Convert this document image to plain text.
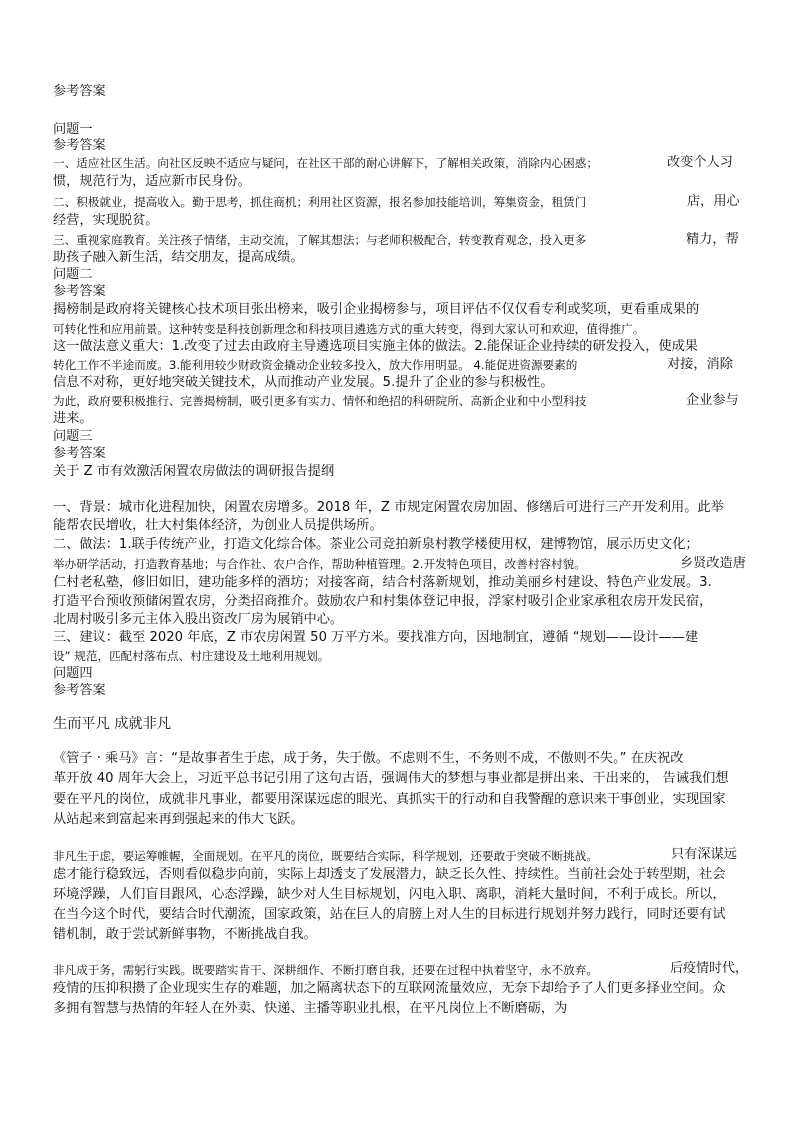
参考答案
问题一
参考答案
一、适应社区生活。向社区反映不适应与疑问，在社区干部的耐心讲解下，了解相关政策，消除内心困惑；	改变个人习
惯，规范行为，适应新市民身份。
二、积极就业，提高收入。勤于思考，抓住商机；利用社区资源，报名参加技能培训，筹集资金，租赁门	店，用心
经营，实现脱贫。
三、重视家庭教育。关注孩子情绪，主动交流，了解其想法；与老师积极配合，转变教育观念，投入更多	精力，帮
助孩子融入新生活，结交朋友，提高成绩。
问题二
参考答案
揭榜制是政府将关键核心技术项目张出榜来，吸引企业揭榜参与，项目评估不仅仅看专利或奖项，更看重成果的
可转化性和应用前景。这种转变是科技创新理念和科技项目遴选方式的重大转变，得到大家认可和欢迎，值得推广。
这一做法意义重大：1.改变了过去由政府主导遴选项目实施主体的做法。2.能保证企业持续的研发投入，使成果
转化工作不半途而废。3.能利用较少财政资金撬动企业较多投入，放大作用明显。 4.能促进资源要素的	对接，消除
信息不对称，更好地突破关键技术，从而推动产业发展。5.提升了企业的参与积极性。
为此，政府要积极推行、完善揭榜制，吸引更多有实力、情怀和绝招的科研院所、高新企业和中小型科技	企业参与
进来。
问题三
参考答案
关于 Z 市有效激活闲置农房做法的调研报告提纲
一、背景：城市化进程加快，闲置农房增多。2018 年，Z 市规定闲置农房加固、修缮后可进行三产开发利用。此举
能帮农民增收，壮大村集体经济，为创业人员提供场所。
二、做法：1.联手传统产业，打造文化综合体。茶业公司竞拍新泉村教学楼使用权，建博物馆，展示历史文化；
举办研学活动，打造教育基地；与合作社、农户合作，帮助种植管理。2.开发特色项目，改善村容村貌。	乡贤改造唐
仁村老私塾，修旧如旧，建功能多样的酒坊；对接客商，结合村落新规划，推动美丽乡村建设、特色产业发展。3.
打造平台预收预储闲置农房，分类招商推介。鼓励农户和村集体登记申报，浮家村吸引企业家承租农房开发民宿，
北周村吸引多元主体入股出资改厂房为展销中心。
三、建议：截至 2020 年底，Z 市农房闲置 50 万平方米。要找准方向，因地制宜，遵循 “规划——设计——建
设” 规范，匹配村落布点、村庄建设及土地利用规划。
问题四
参考答案
生而平凡 成就非凡
《管子 · 乘马》言：“是故事者生于虑，成于务，失于傲。不虑则不生，不务则不成，不傲则不失。” 在庆祝改
革开放 40 周年大会上，习近平总书记引用了这句古语，强调伟大的梦想与事业都是拼出来、干出来的， 告诫我们想
要在平凡的岗位，成就非凡事业，都要用深谋远虑的眼光、真抓实干的行动和自我警醒的意识来干事创业，实现国家
从站起来到富起来再到强起来的伟大飞跃。
非凡生于虑，要运筹帷幄，全面规划。在平凡的岗位，既要结合实际，科学规划，还要敢于突破不断挑战。	只有深谋远
虑才能行稳致远，否则看似稳步向前，实际上却透支了发展潜力，缺乏长久性、持续性。当前社会处于转型期，社会
环境浮躁，人们盲目跟风，心态浮躁，缺少对人生目标规划，闪电入职、离职，消耗大量时间，不利于成长。所以，
在当今这个时代，要结合时代潮流，国家政策，站在巨人的肩膀上对人生的目标进行规划并努力践行，同时还要有试
错机制，敢于尝试新鲜事物，不断挑战自我。
非凡成于务，需躬行实践。既要踏实肯干、深耕细作、不断打磨自我，还要在过程中执着坚守，永不放弃。	后疫情时代，
疫情的压抑积攒了企业现实生存的难题，加之隔离状态下的互联网流量效应，无奈下却给予了人们更多择业空间。众
多拥有智慧与热情的年轻人在外卖、快递、主播等职业扎根，在平凡岗位上不断磨砺，为
